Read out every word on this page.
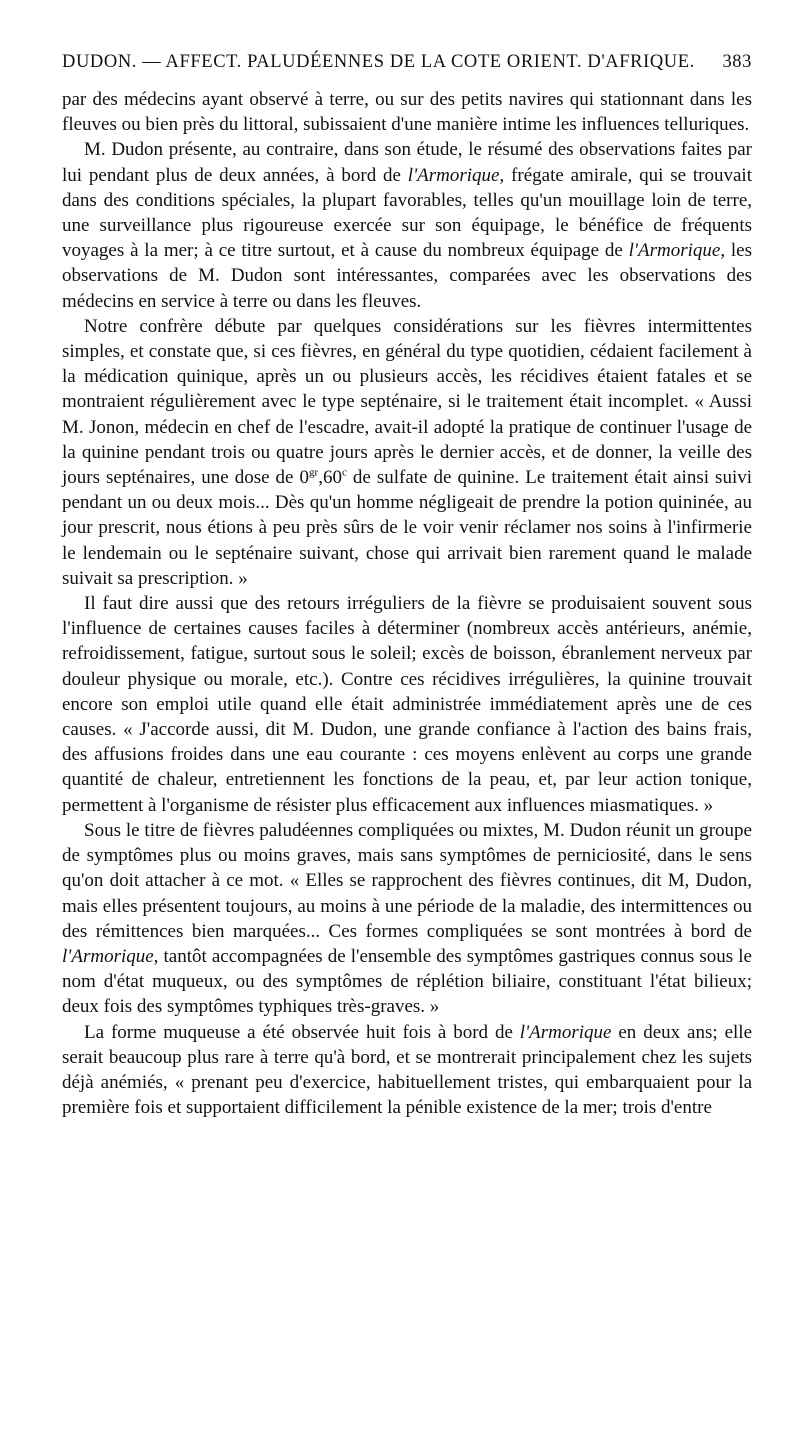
DUDON. — AFFECT. PALUDÉENNES DE LA COTE ORIENT. D'AFRIQUE. 383

par des médecins ayant observé à terre, ou sur des petits navires qui stationnant dans les fleuves ou bien près du littoral, subissaient d'une manière intime les influences telluriques.

M. Dudon présente, au contraire, dans son étude, le résumé des observations faites par lui pendant plus de deux années, à bord de l'Armorique, frégate amirale, qui se trouvait dans des conditions spéciales, la plupart favorables, telles qu'un mouillage loin de terre, une surveillance plus rigoureuse exercée sur son équipage, le bénéfice de fréquents voyages à la mer; à ce titre surtout, et à cause du nombreux équipage de l'Armorique, les observations de M. Dudon sont intéressantes, comparées avec les observations des médecins en service à terre ou dans les fleuves.

Notre confrère débute par quelques considérations sur les fièvres intermittentes simples, et constate que, si ces fièvres, en général du type quotidien, cédaient facilement à la médication quinique, après un ou plusieurs accès, les récidives étaient fatales et se montraient régulièrement avec le type septénaire, si le traitement était incomplet. « Aussi M. Jonon, médecin en chef de l'escadre, avait-il adopté la pratique de continuer l'usage de la quinine pendant trois ou quatre jours après le dernier accès, et de donner, la veille des jours septénaires, une dose de $0^{gr},60^c$ de sulfate de quinine. Le traitement était ainsi suivi pendant un ou deux mois... Dès qu'un homme négligeait de prendre la potion quininée, au jour prescrit, nous étions à peu près sûrs de le voir venir réclamer nos soins à l'infirmerie le lendemain ou le septénaire suivant, chose qui arrivait bien rarement quand le malade suivait sa prescription. »

Il faut dire aussi que des retours irréguliers de la fièvre se produisaient souvent sous l'influence de certaines causes faciles à déterminer (nombreux accès antérieurs, anémie, refroidissement, fatigue, surtout sous le soleil; excès de boisson, ébranlement nerveux par douleur physique ou morale, etc.). Contre ces récidives irrégulières, la quinine trouvait encore son emploi utile quand elle était administrée immédiatement après une de ces causes. « J'accorde aussi, dit M. Dudon, une grande confiance à l'action des bains frais, des affusions froides dans une eau courante : ces moyens enlèvent au corps une grande quantité de chaleur, entretiennent les fonctions de la peau, et, par leur action tonique, permettent à l'organisme de résister plus efficacement aux influences miasmatiques. »

Sous le titre de fièvres paludéennes compliquées ou mixtes, M. Dudon réunit un groupe de symptômes plus ou moins graves, mais sans symptômes de perniciosité, dans le sens qu'on doit attacher à ce mot. « Elles se rapprochent des fièvres continues, dit M, Dudon, mais elles présentent toujours, au moins à une période de la maladie, des intermittences ou des rémittences bien marquées... Ces formes compliquées se sont montrées à bord de l'Armorique, tantôt accompagnées de l'ensemble des symptômes gastriques connus sous le nom d'état muqueux, ou des symptômes de réplétion biliaire, constituant l'état bilieux; deux fois des symptômes typhiques très-graves. »

La forme muqueuse a été observée huit fois à bord de l'Armorique en deux ans; elle serait beaucoup plus rare à terre qu'à bord, et se montrerait principalement chez les sujets déjà anémiés, « prenant peu d'exercice, habituellement tristes, qui embarquaient pour la première fois et supportaient difficilement la pénible existence de la mer; trois d'entre
